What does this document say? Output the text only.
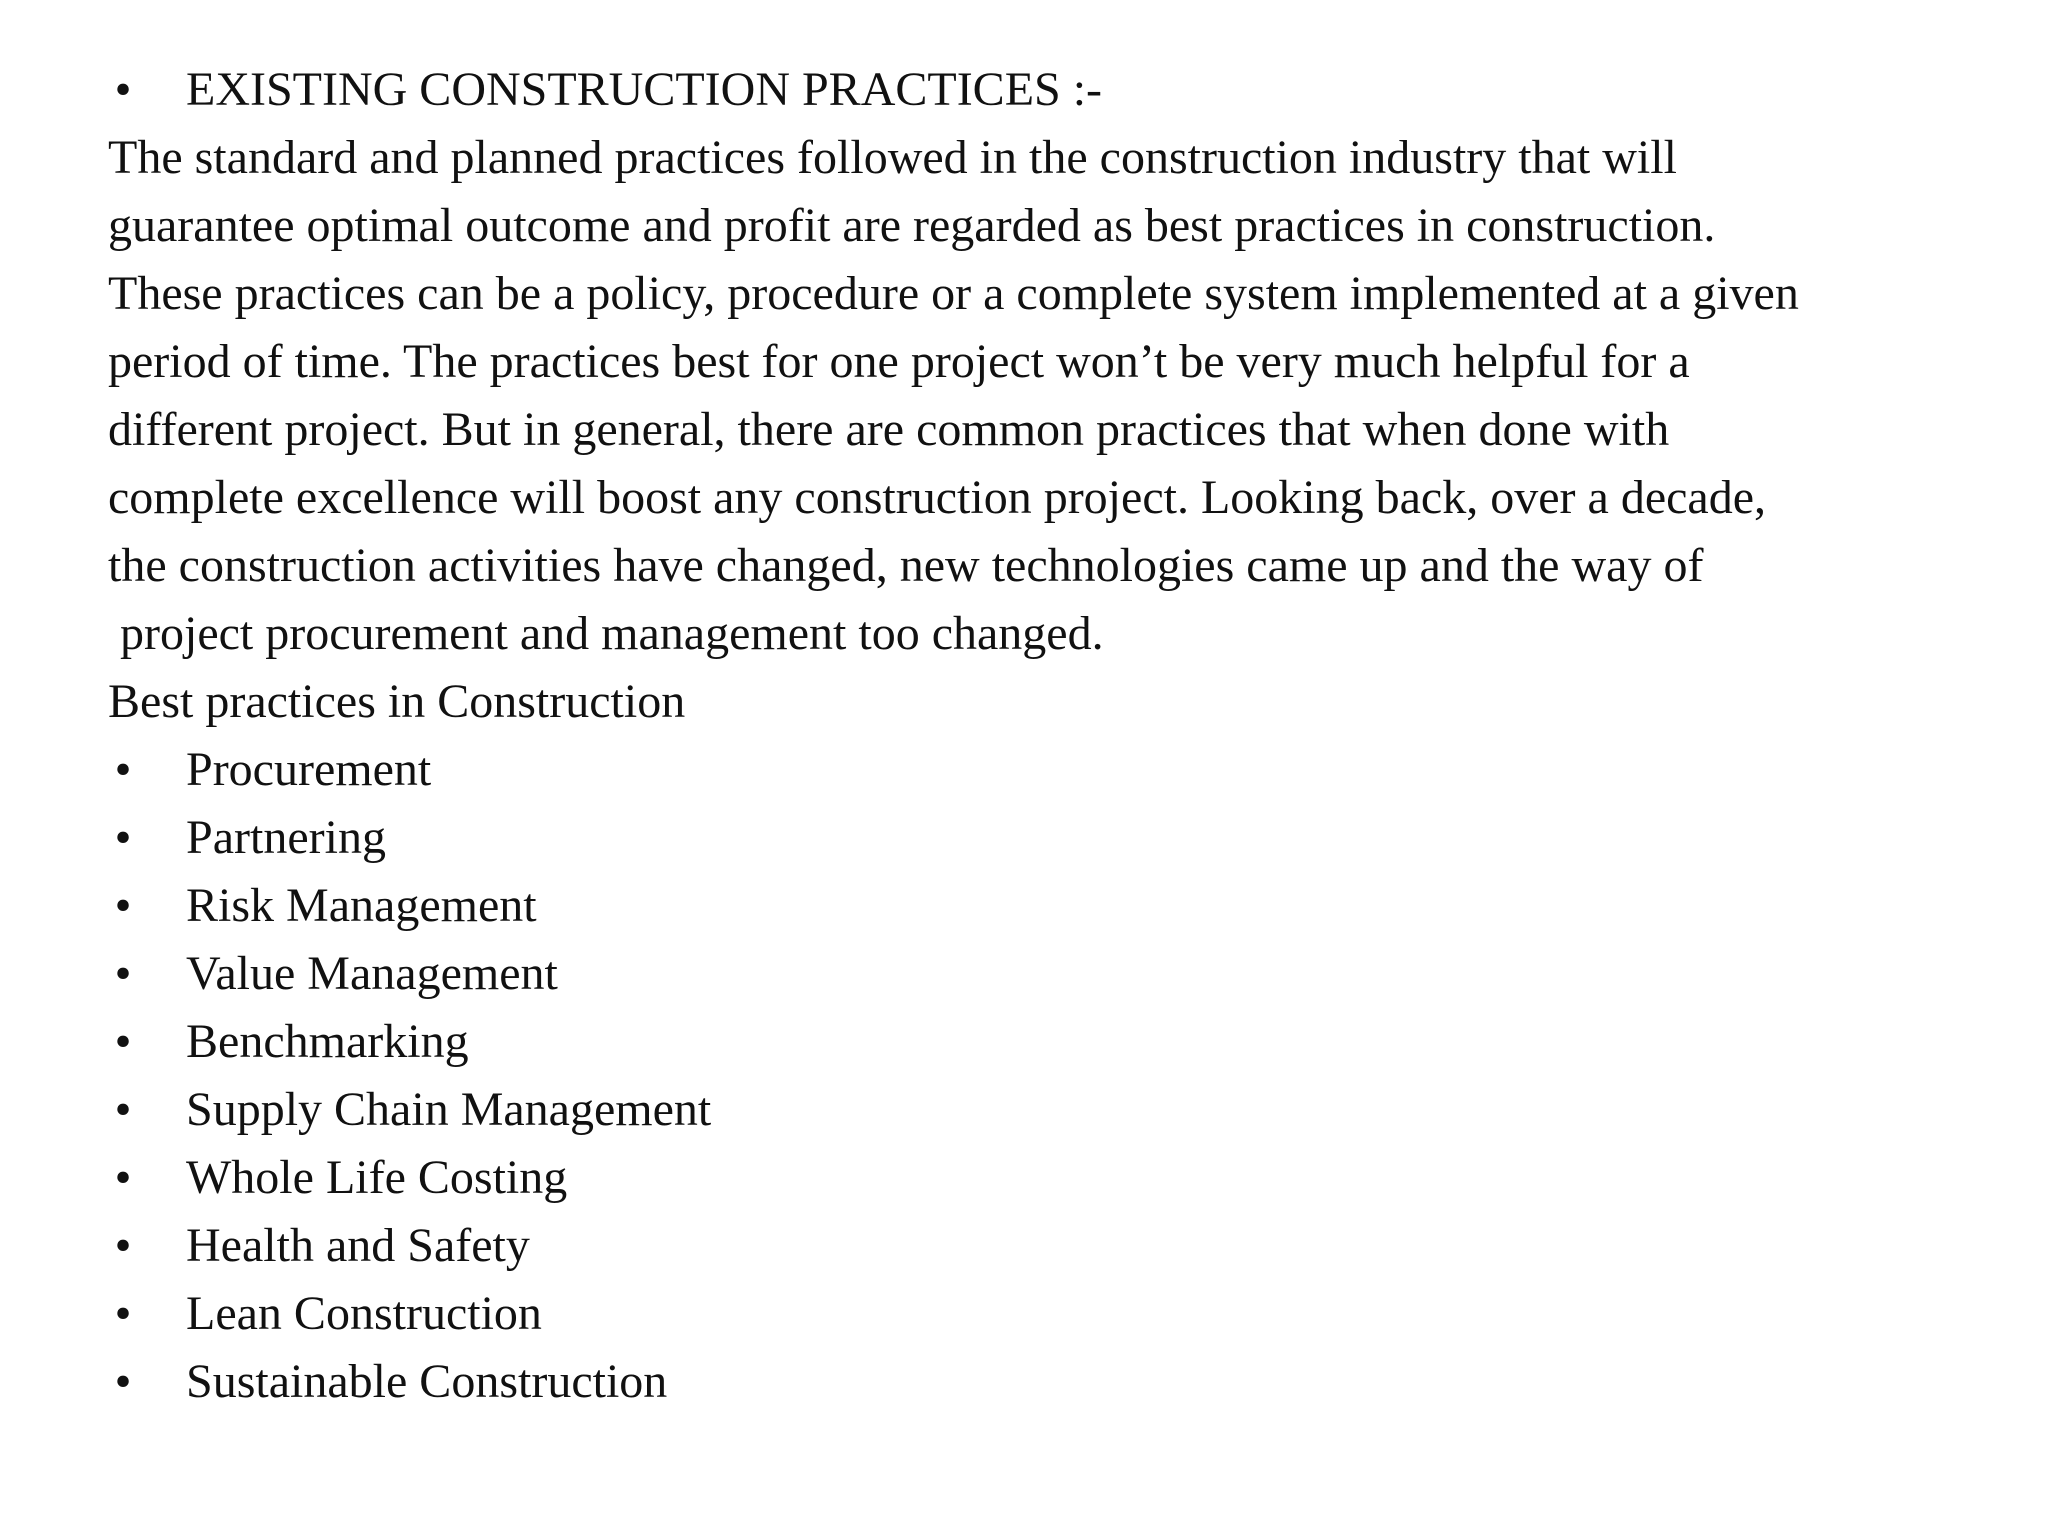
• EXISTING CONSTRUCTION PRACTICES :-
The standard and planned practices followed in the construction industry that will
guarantee optimal outcome and profit are regarded as best practices in construction.
These practices can be a policy, procedure or a complete system implemented at a given
period of time. The practices best for one project won’t be very much helpful for a
different project. But in general, there are common practices that when done with
complete excellence will boost any construction project. Looking back, over a decade,
the construction activities have changed, new technologies came up and the way of
project procurement and management too changed.
Best practices in Construction
• Procurement
• Partnering
• Risk Management
• Value Management
• Benchmarking
• Supply Chain Management
• Whole Life Costing
• Health and Safety
• Lean Construction
• Sustainable Construction
